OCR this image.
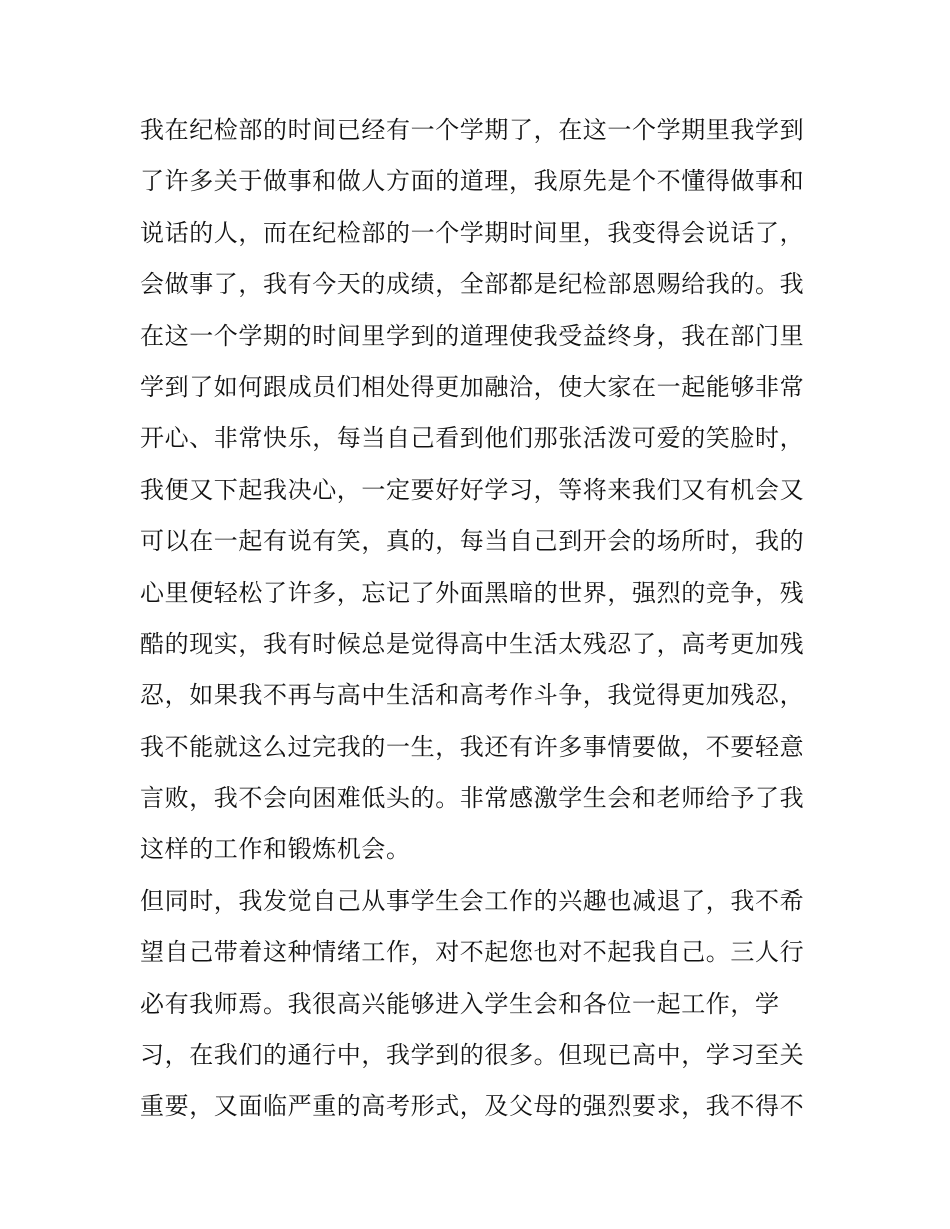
我在纪检部的时间已经有一个学期了，在这一个学期里我学到
了许多关于做事和做人方面的道理，我原先是个不懂得做事和
说话的人，而在纪检部的一个学期时间里，我变得会说话了，
会做事了，我有今天的成绩，全部都是纪检部恩赐给我的。我
在这一个学期的时间里学到的道理使我受益终身，我在部门里
学到了如何跟成员们相处得更加融洽，使大家在一起能够非常
开心、非常快乐，每当自己看到他们那张活泼可爱的笑脸时，
我便又下起我决心，一定要好好学习，等将来我们又有机会又
可以在一起有说有笑，真的，每当自己到开会的场所时，我的
心里便轻松了许多，忘记了外面黑暗的世界，强烈的竞争，残
酷的现实，我有时候总是觉得高中生活太残忍了，高考更加残
忍，如果我不再与高中生活和高考作斗争，我觉得更加残忍，
我不能就这么过完我的一生，我还有许多事情要做，不要轻意
言败，我不会向困难低头的。非常感激学生会和老师给予了我
这样的工作和锻炼机会。
但同时，我发觉自己从事学生会工作的兴趣也减退了，我不希
望自己带着这种情绪工作，对不起您也对不起我自己。三人行
必有我师焉。我很高兴能够进入学生会和各位一起工作，学
习，在我们的通行中，我学到的很多。但现已高中，学习至关
重要，又面临严重的高考形式，及父母的强烈要求，我不得不
